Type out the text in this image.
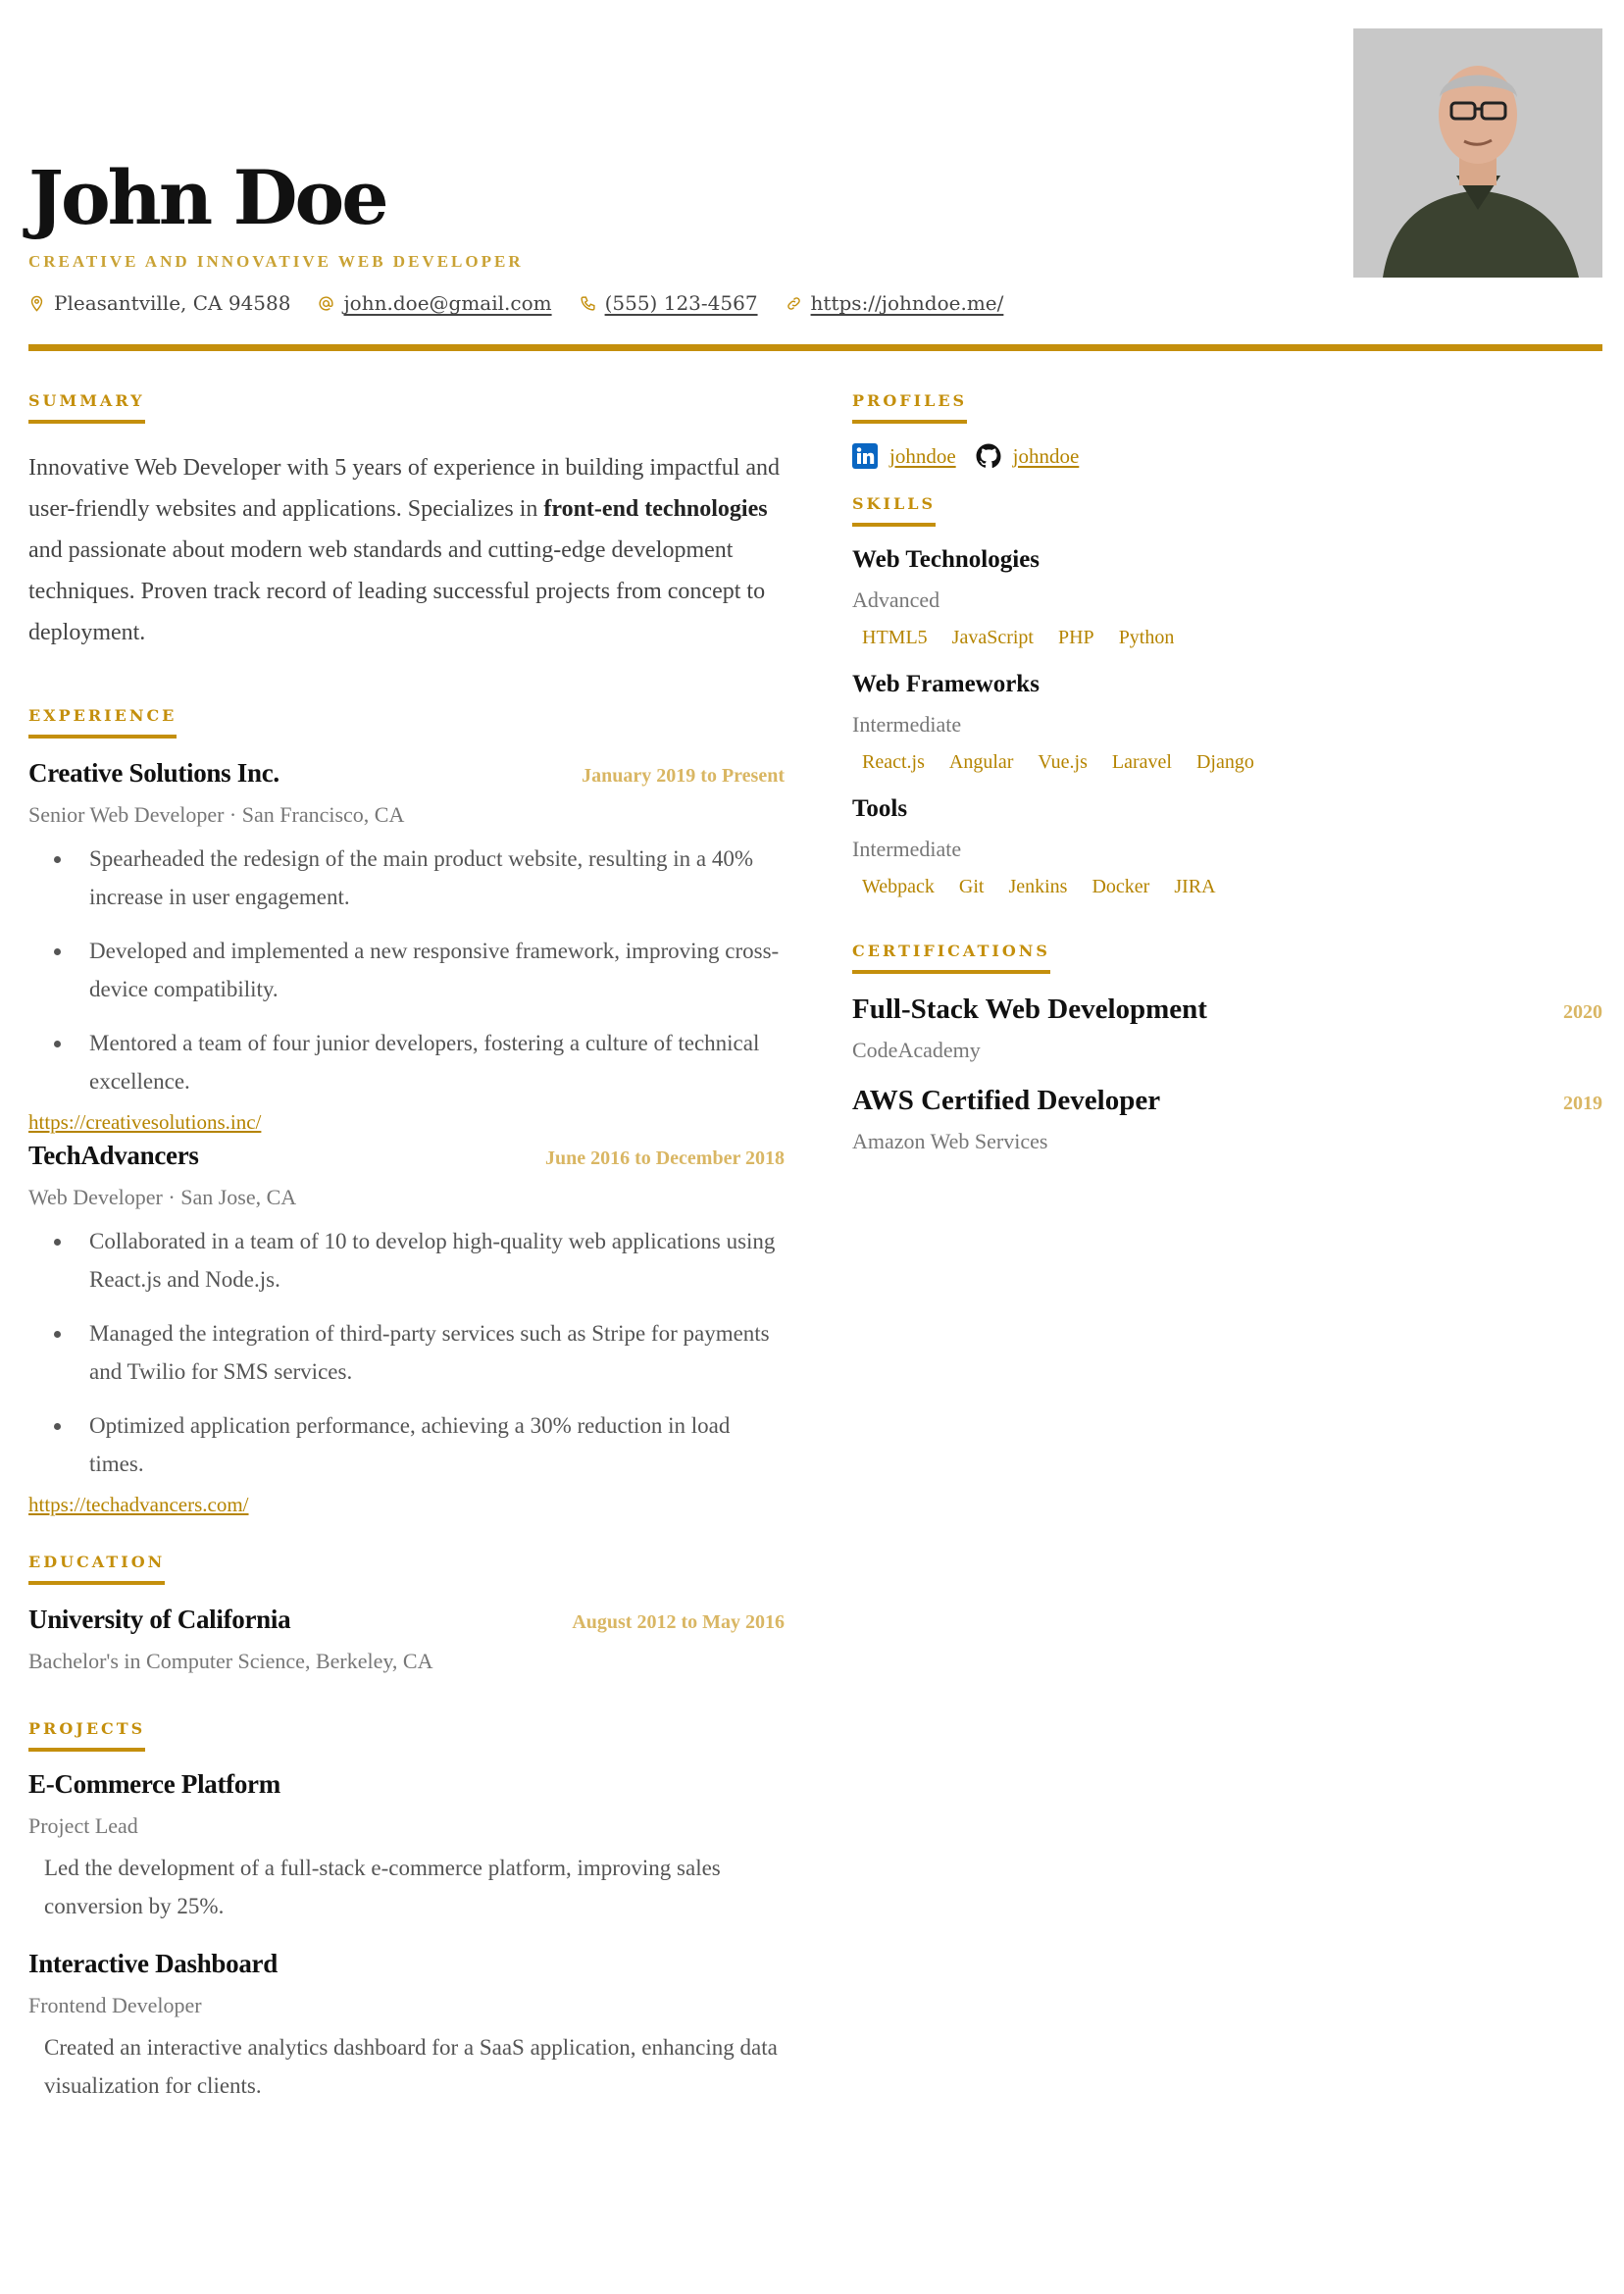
John Doe
CREATIVE AND INNOVATIVE WEB DEVELOPER
Pleasantville, CA 94588	john.doe@gmail.com	(555) 123-4567	https://johndoe.me/
SUMMARY

Innovative Web Developer with 5 years of experience in building impactful and user-friendly websites and applications. Specializes in front-end technologies and passionate about modern web standards and cutting-edge development techniques. Proven track record of leading successful projects from concept to deployment.

EXPERIENCE
Creative Solutions Inc.	January 2019 to Present
Senior Web Developer · San Francisco, CA
Spearheaded the redesign of the main product website, resulting in a 40% increase in user engagement.
Developed and implemented a new responsive framework, improving cross-device compatibility.
Mentored a team of four junior developers, fostering a culture of technical excellence.
https://creativesolutions.inc/
TechAdvancers	June 2016 to December 2018
Web Developer · San Jose, CA
Collaborated in a team of 10 to develop high-quality web applications using React.js and Node.js.
Managed the integration of third-party services such as Stripe for payments and Twilio for SMS services.
Optimized application performance, achieving a 30% reduction in load times.
https://techadvancers.com/
EDUCATION
University of California	August 2012 to May 2016
Bachelor's in Computer Science, Berkeley, CA
PROJECTS
E-Commerce Platform
Project Lead

Led the development of a full-stack e-commerce platform, improving sales conversion by 25%.

Interactive Dashboard
Frontend Developer

Created an interactive analytics dashboard for a SaaS application, enhancing data visualization for clients.

PROFILES
johndoe	johndoe
SKILLS
Web Technologies
Advanced
HTML5 JavaScript PHP Python
Web Frameworks
Intermediate
React.js Angular Vue.js Laravel Django
Tools
Intermediate
Webpack Git Jenkins Docker JIRA
CERTIFICATIONS
Full-Stack Web Development	2020
CodeAcademy
AWS Certified Developer	2019
Amazon Web Services
